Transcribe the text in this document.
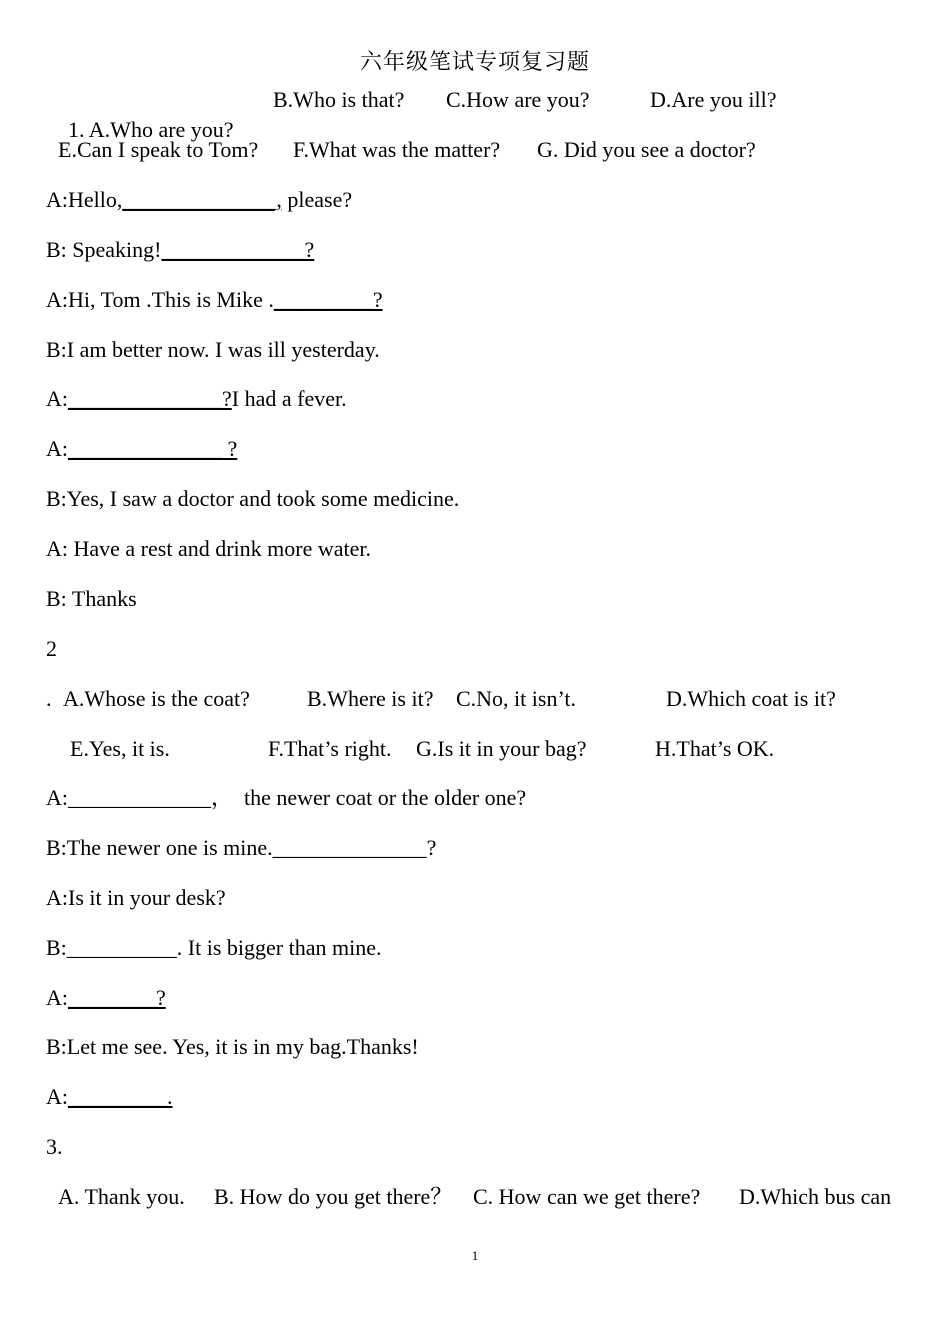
六年级笔试专项复习题

1. A.Who are you?

B.Who is that? C.How are you?	D.Are you ill?
E.Can I speak to Tom? F.What was the matter? G. Did you see a doctor?
A:Hello,______________, please?
B: Speaking!_____________?
A:Hi, Tom .This is Mike ._________?
B:I am better now. I was ill yesterday.
A:______________?I had a fever.
A:______________ ?
B:Yes, I saw a doctor and took some medicine.
A: Have a rest and drink more water.
B: Thanks
2
. A.Whose is the coat?	B.Where is it? C.No, it isn’t.	D.Which coat is it?
E.Yes, it is.	F.That’s right. G.Is it in your bag?	H.That’s OK.
A:_____________，  the newer coat or the older one?
B:The newer one is mine.______________?
A:Is it in your desk?
B:__________. It is bigger than mine.
A:________?
B:Let me see. Yes, it is in my bag.Thanks!
A:_________.
3.
A. Thank you. B. How do you get there？ C. How can we get there? D.Which bus can
1
